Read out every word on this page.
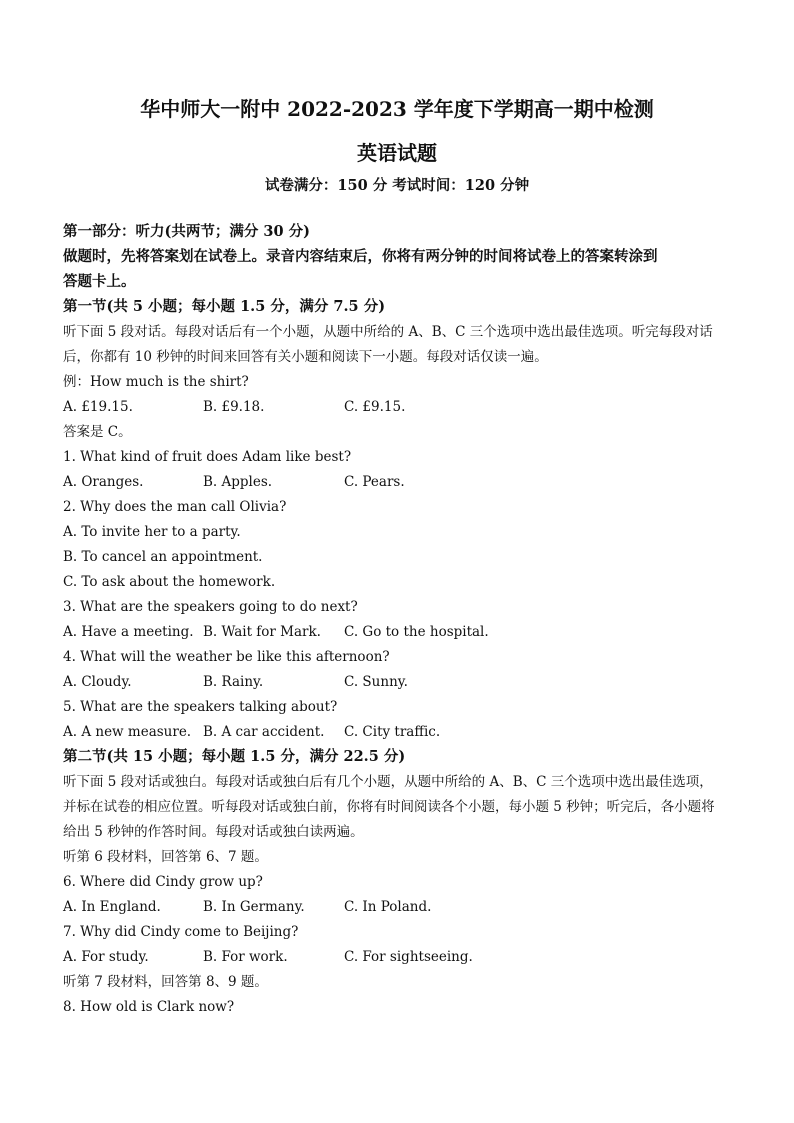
华中师大一附中 2022-2023 学年度下学期高一期中检测
英语试题
试卷满分：150 分 考试时间：120 分钟
第一部分：听力(共两节；满分 30 分)
做题时，先将答案划在试卷上。录音内容结束后，你将有两分钟的时间将试卷上的答案转涂到
答题卡上。
第一节(共 5 小题；每小题 1.5 分，满分 7.5 分)
听下面 5 段对话。每段对话后有一个小题，从题中所给的 A、B、C 三个选项中选出最佳选项。听完每段对话
后，你都有 10 秒钟的时间来回答有关小题和阅读下一小题。每段对话仅读一遍。
例：How much is the shirt?
A. £19.15.	B. £9.18.	C. £9.15.
答案是 C。
1. What kind of fruit does Adam like best?
A. Oranges.	B. Apples.	C. Pears.
2. Why does the man call Olivia?
A. To invite her to a party.
B. To cancel an appointment.
C. To ask about the homework.
3. What are the speakers going to do next?
A. Have a meeting. B. Wait for Mark. C. Go to the hospital.
4. What will the weather be like this afternoon?
A. Cloudy.	B. Rainy.	C. Sunny.
5. What are the speakers talking about?
A. A new measure. B. A car accident. C. City traffic.
第二节(共 15 小题；每小题 1.5 分，满分 22.5 分)
听下面 5 段对话或独白。每段对话或独白后有几个小题，从题中所给的 A、B、C 三个选项中选出最佳选项，
并标在试卷的相应位置。听每段对话或独白前，你将有时间阅读各个小题，每小题 5 秒钟；听完后，各小题将
给出 5 秒钟的作答时间。每段对话或独白读两遍。
听第 6 段材料，回答第 6、7 题。
6. Where did Cindy grow up?
A. In England.	B. In Germany.	C. In Poland.
7. Why did Cindy come to Beijing?
A. For study.	B. For work.	C. For sightseeing.
听第 7 段材料，回答第 8、9 题。
8. How old is Clark now?
